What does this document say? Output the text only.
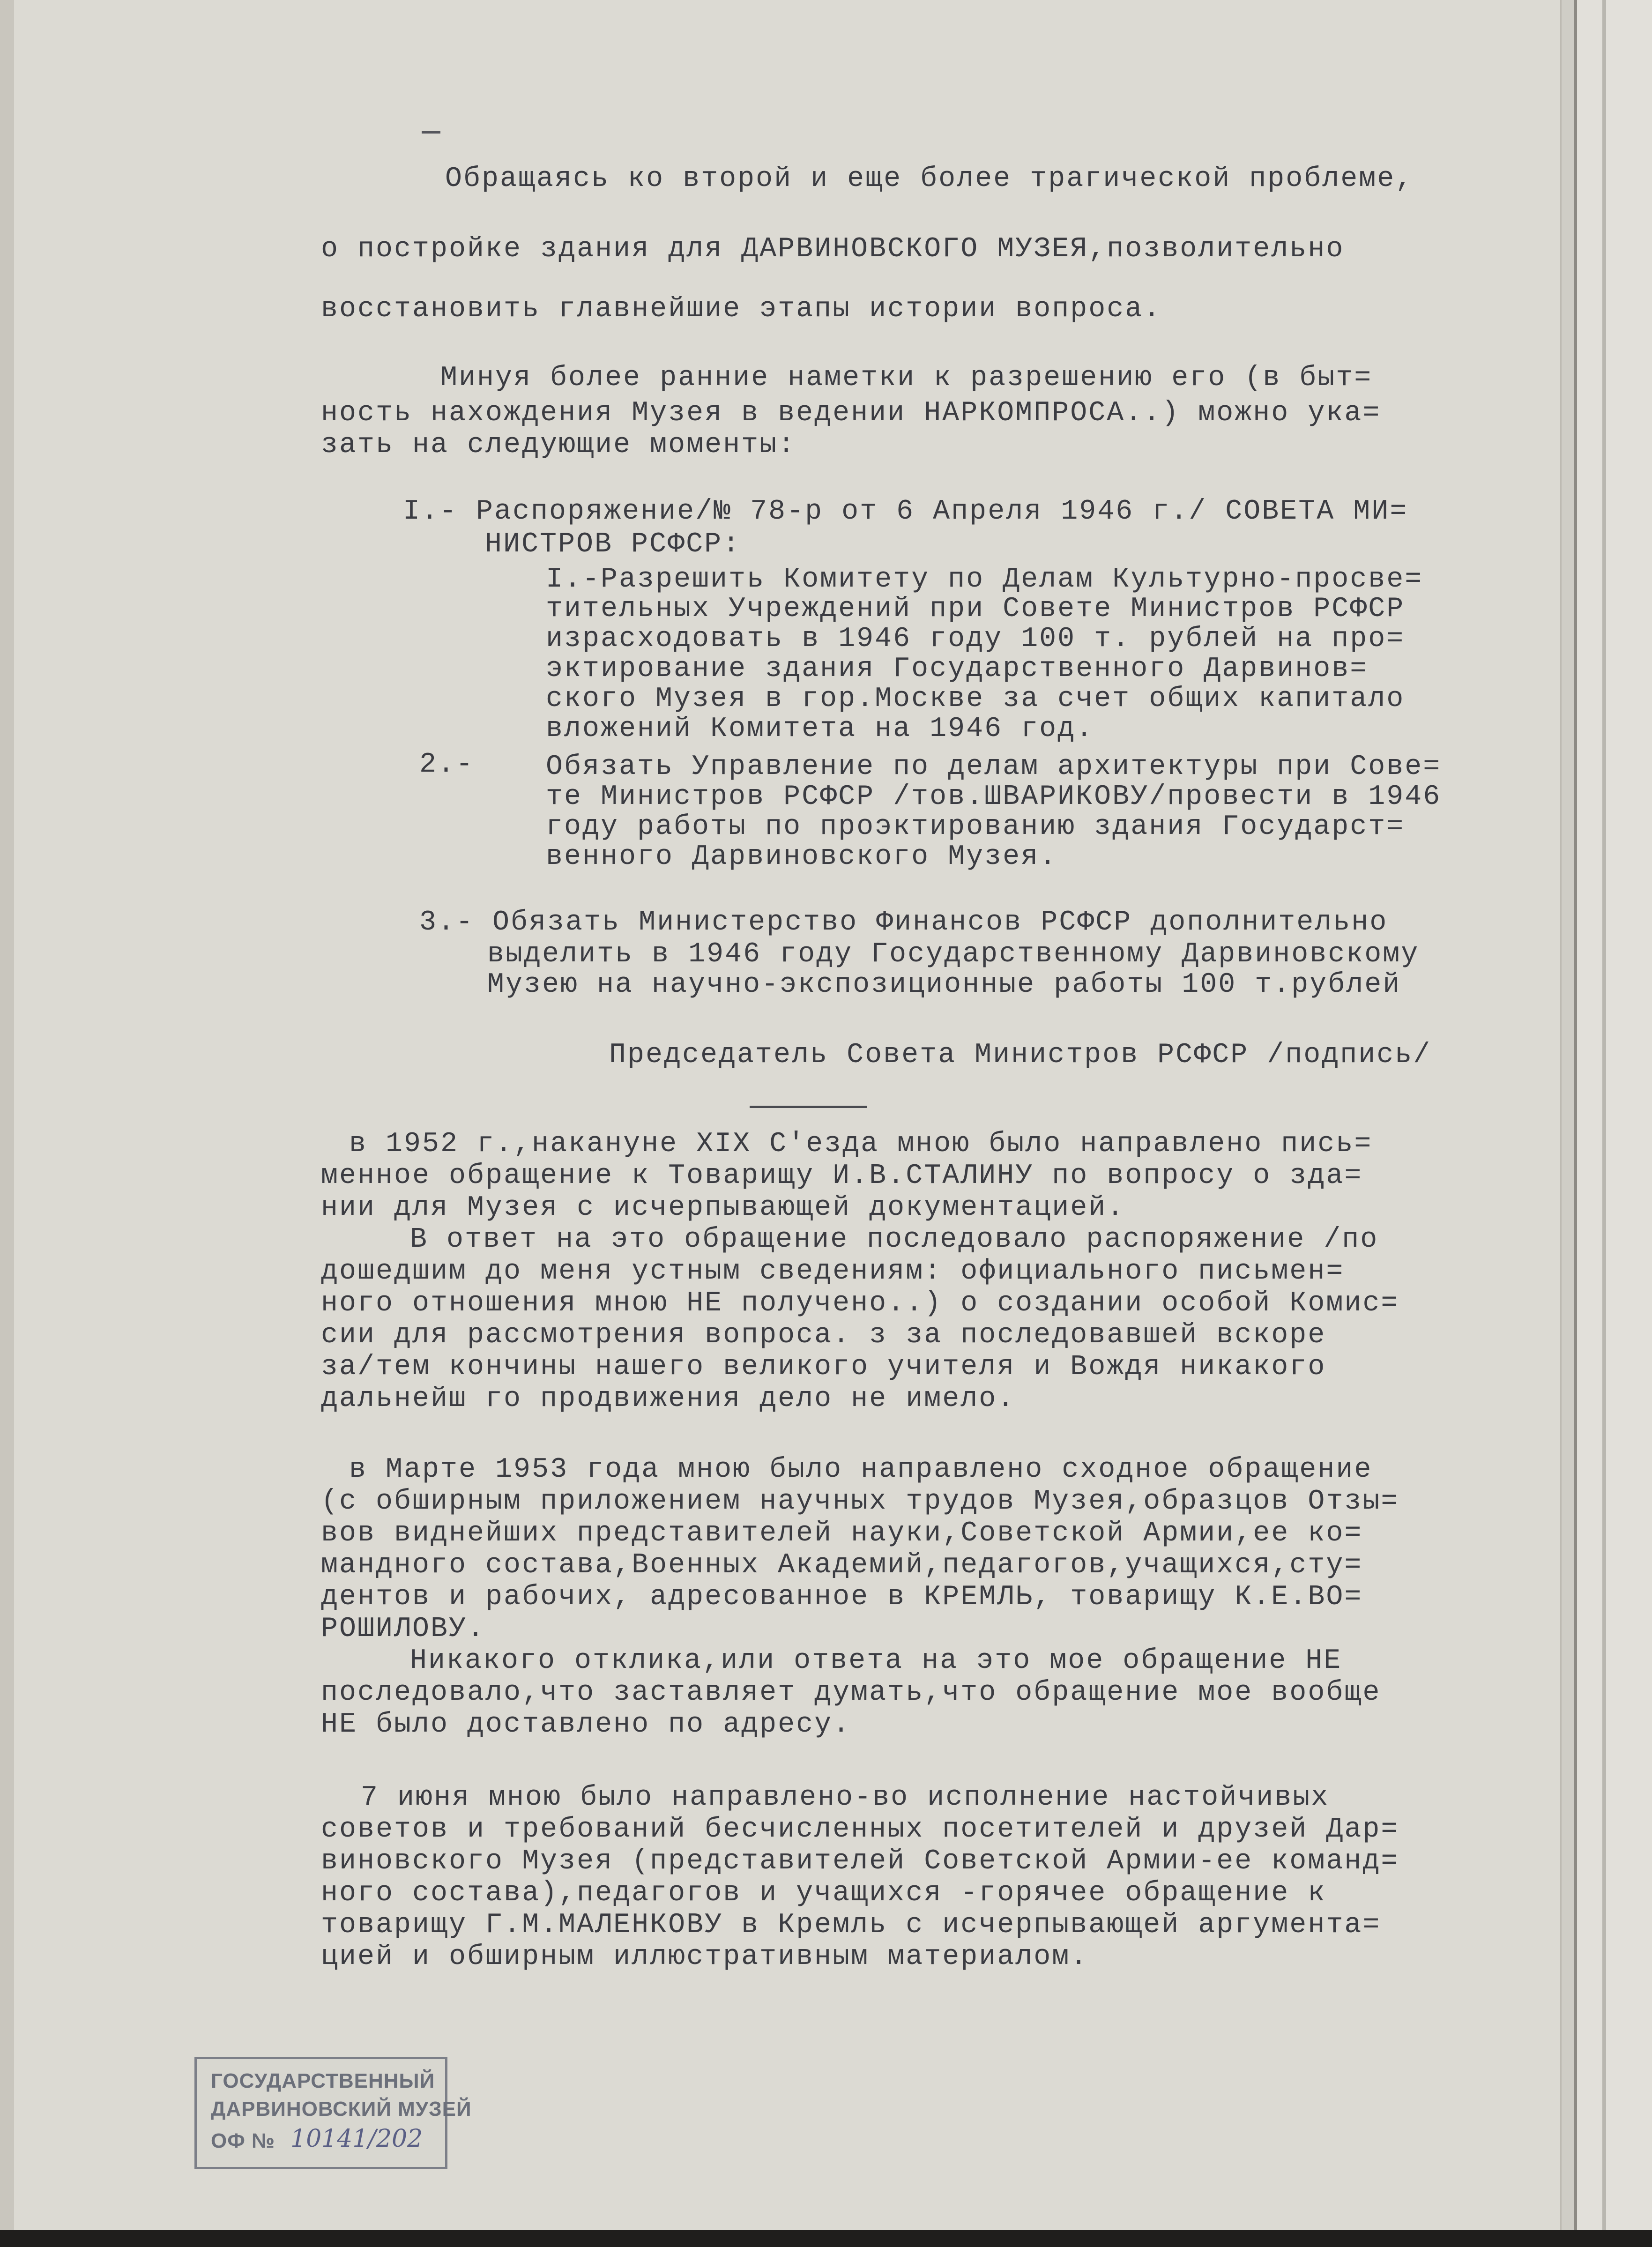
Обращаясь ко второй и еще более трагической проблеме,
о постройке здания для ДАРВИНОВСКОГО МУЗЕЯ,позволительно
восстановить главнейшие этапы истории вопроса.
Минуя более ранние наметки к разрешению его (в быт=
ность нахождения Музея в ведении НАРКОМПРОСА..) можно ука=
зать на следующие моменты:
I.- Распоряжение/№ 78-р от 6 Апреля 1946 г./ СОВЕТА МИ=
НИСТРОВ РСФСР:
I.-Разрешить Комитету по Делам Культурно-просве=
тительных Учреждений при Совете Министров РСФСР
израсходовать в 1946 году 100 т. рублей на про=
эктирование здания Государственного Дарвинов=
ского Музея в гор.Москве за счет общих капитало
вложений Комитета на 1946 год.
2.-	Обязать Управление по делам архитектуры при Сове=
те Министров РСФСР /тов.ШВАРИКОВУ/провести в 1946
году работы по проэктированию здания Государст=
венного Дарвиновского Музея.
3.- Обязать Министерство Финансов РСФСР дополнительно
выделить в 1946 году Государственному Дарвиновскому
Музею на научно-экспозиционные работы 100 т.рублей
Председатель Совета Министров РСФСР /подпись/
в 1952 г.,накануне XIX С'езда мною было направлено пись=
менное обращение к Товарищу И.В.СТАЛИНУ по вопросу о зда=
нии для Музея с исчерпывающей документацией.
В ответ на это обращение последовало распоряжение /по
дошедшим до меня устным сведениям: официального письмен=
ного отношения мною НЕ получено..) о создании особой Комис=
сии для рассмотрения вопроса. з за последовавшей вскоре
за/тем кончины нашего великого учителя и Вождя никакого
дальнейш го продвижения дело не имело.
в Марте 1953 года мною было направлено сходное обращение
(с обширным приложением научных трудов Музея,образцов Отзы=
вов виднейших представителей науки,Советской Армии,ее ко=
мандного состава,Военных Академий,педагогов,учащихся,сту=
дентов и рабочих, адресованное в КРЕМЛЬ, товарищу К.Е.ВО=
РОШИЛОВУ.
Никакого отклика,или ответа на это мое обращение НЕ
последовало,что заставляет думать,что обращение мое вообще
НЕ было доставлено по адресу.
7 июня мною было направлено-во исполнение настойчивых
советов и требований бесчисленных посетителей и друзей Дар=
виновского Музея (представителей Советской Армии-ее команд=
ного состава),педагогов и учащихся -горячее обращение к
товарищу Г.М.МАЛЕНКОВУ в Кремль с исчерпывающей аргумента=
цией и обширным иллюстративным материалом.
ГОСУДАРСТВЕННЫЙ
ДАРВИНОВСКИЙ МУЗЕЙ
ОФ № 10141/202
